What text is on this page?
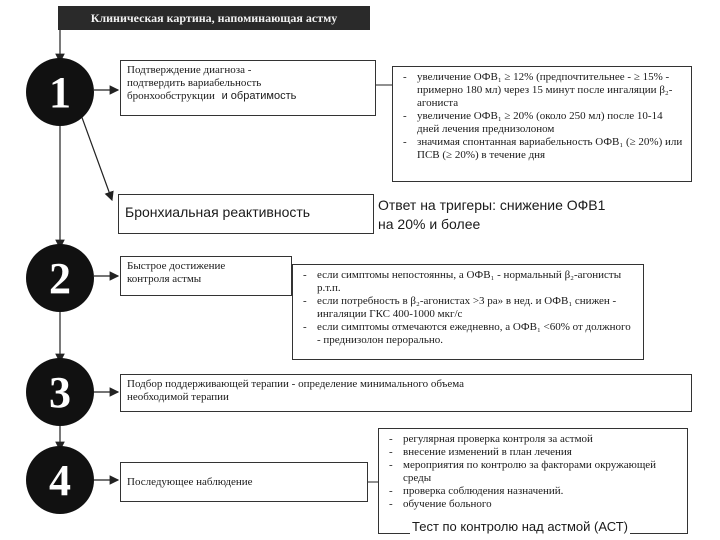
Клиническая картина, напоминающая астму
1
2
3
4
Подтверждение диагноза -
подтвердить вариабельность
бронхообструкции и обратимость
- увеличение ОФВ₁ ≥ 12% (предпочтительнее - ≥ 15% - примерно 180 мл) через 15 минут после ингаляции β₂-агониста
- увеличение ОФВ₁ ≥ 20% (около 250 мл) после 10-14 дней лечения преднизолоном
- значимая спонтанная вариабельность ОФВ₁ (≥ 20%) или ПСВ (≥ 20%) в течение дня
Бронхиальная реактивность	Ответ на тригеры: снижение ОФВ1
на 20% и более
Быстрое достижение
контроля астмы
-	если симптомы непостоянны, а ОФВ₁ - нормальный β₂-агонисты р.т.п.
- если потребность в β₂-агонистах >3 ра» в нед. и ОФВ₁ снижен - ингаляции ГКС 400-1000 мкг/с
- если симптомы отмечаются ежедневно, а ОФВ₁ <60% от должного - преднизолон перорально.
Подбор поддерживающей терапии - определение минимального объема
необходимой терапии
Последующее наблюдение
- регулярная проверка контроля за астмой
- внесение изменений в план лечения
- мероприятия по контролю за факторами окружающей среды
- проверка соблюдения назначений.
- обучение больного
Тест по контролю над астмой (АСТ)
